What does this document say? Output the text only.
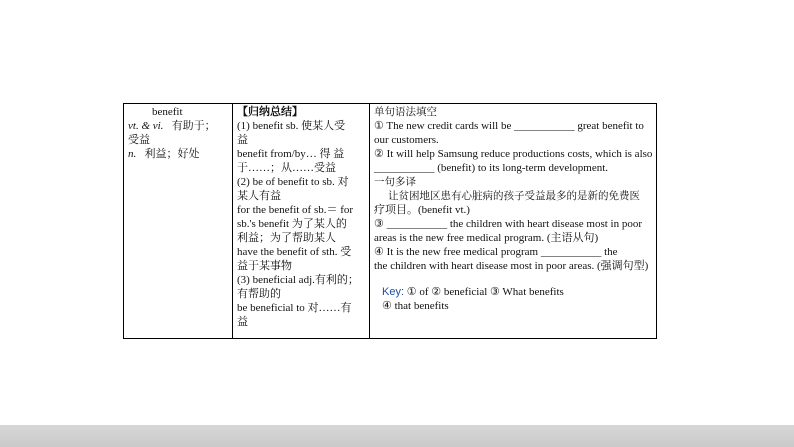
benefit
vt. & vi. 有助于；
受益
n. 利益；好处

【归纳总结】
(1) benefit sb. 使某人受
益
benefit from/by… 得 益
于……；从……受益
(2) be of benefit to sb. 对
某人有益
for the benefit of sb.＝ for
sb.'s benefit 为了某人的
利益；为了帮助某人
have the benefit of sth. 受
益于某事物
(3) beneficial adj.有利的；
有帮助的
be beneficial to 对……有
益

单句语法填空
① The new credit cards will be ___________ great benefit to
our customers.
② It will help Samsung reduce productions costs, which is also
___________ (benefit) to its long-term development.
一句多译
让贫困地区患有心脏病的孩子受益最多的是新的免费医
疗项目。(benefit vt.)
③ ___________ the children with heart disease most in poor
areas is the new free medical program. (主语从句)
④ It is the new free medical program ___________ the
the children with heart disease most in poor areas. (强调句型)
Key: ① of ② beneficial ③ What benefits
④ that benefits
